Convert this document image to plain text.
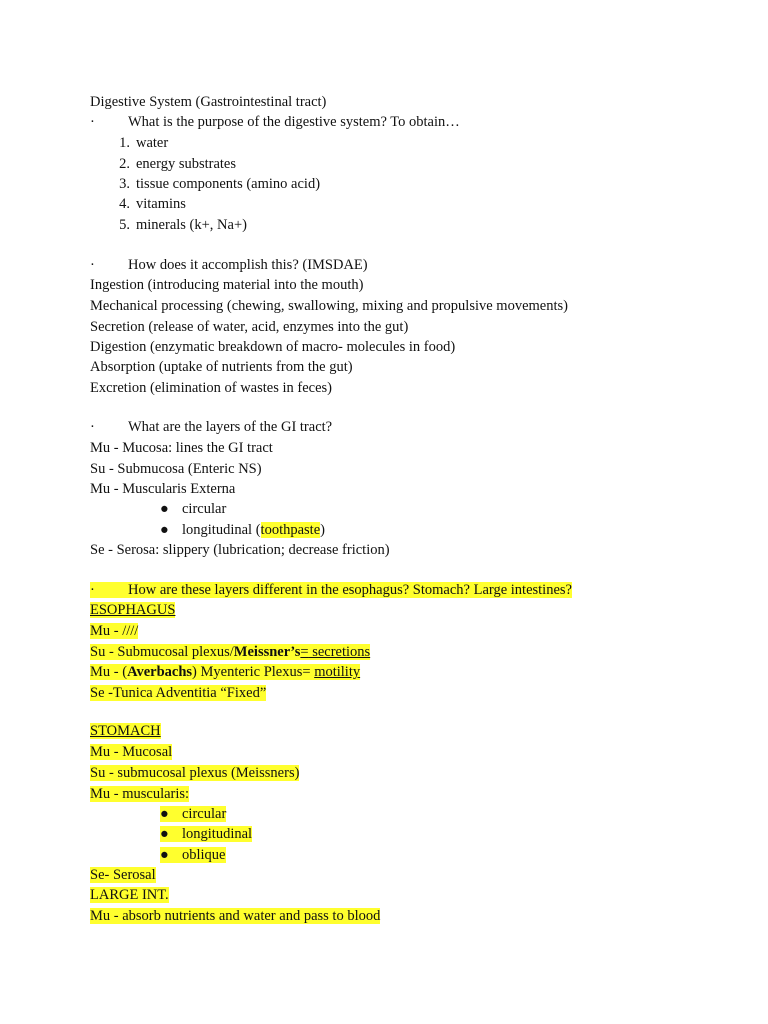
Digestive System (Gastrointestinal tract)
· What is the purpose of the digestive system? To obtain…
1. water
2. energy substrates
3. tissue components (amino acid)
4. vitamins
5. minerals (k+, Na+)
· How does it accomplish this? (IMSDAE)
Ingestion (introducing material into the mouth)
Mechanical processing (chewing, swallowing, mixing and propulsive movements)
Secretion (release of water, acid, enzymes into the gut)
Digestion (enzymatic breakdown of macro- molecules in food)
Absorption (uptake of nutrients from the gut)
Excretion (elimination of wastes in feces)
· What are the layers of the GI tract?
Mu - Mucosa: lines the GI tract
Su - Submucosa (Enteric NS)
Mu - Muscularis Externa
● circular
● longitudinal (toothpaste)
Se - Serosa: slippery (lubrication; decrease friction)
· How are these layers different in the esophagus? Stomach? Large intestines?
ESOPHAGUS
Mu - ////
Su - Submucosal plexus/Meissner’s= secretions
Mu - (Averbachs) Myenteric Plexus= motility
Se -Tunica Adventitia “Fixed”
STOMACH
Mu - Mucosal
Su - submucosal plexus (Meissners)
Mu - muscularis:
● circular
● longitudinal
● oblique
Se- Serosal
LARGE INT.
Mu - absorb nutrients and water and pass to blood
